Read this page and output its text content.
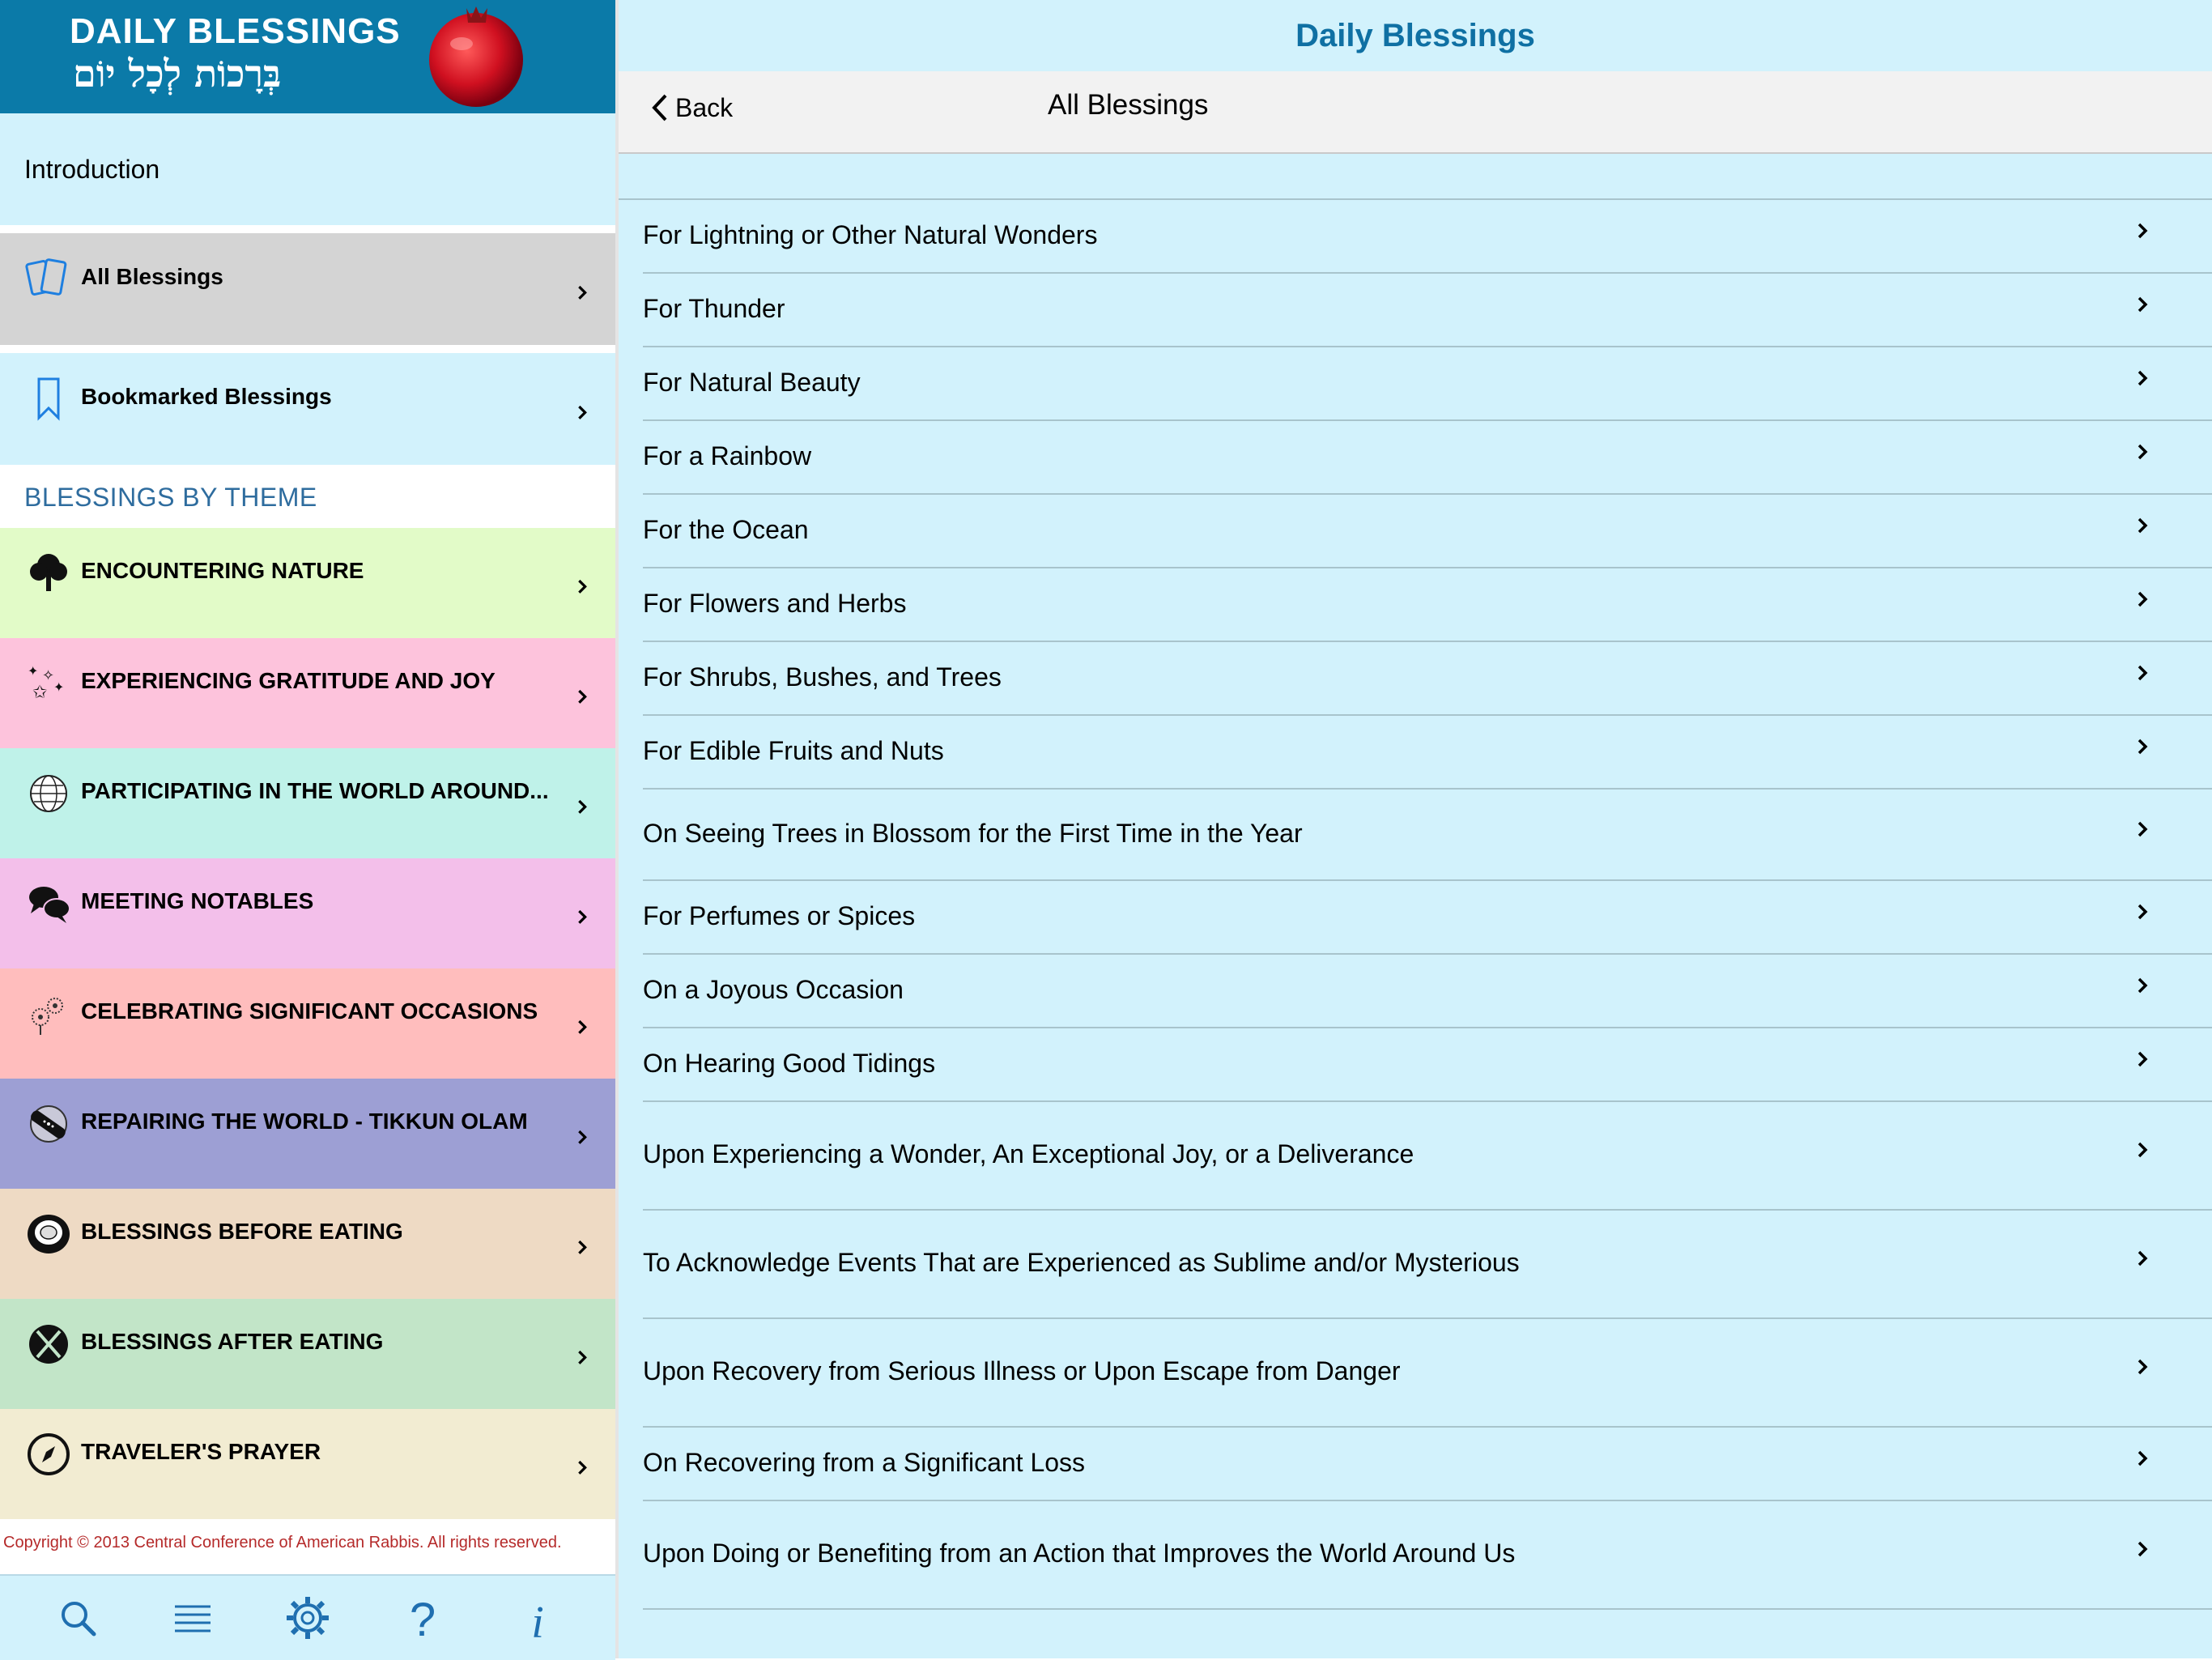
DAILY BLESSINGS
בְּרָכוֹת לְכָל יוֹם
Introduction
All Blessings
Bookmarked Blessings
BLESSINGS BY THEME
ENCOUNTERING NATURE
✦ ✧
✩ ✦ EXPERIENCING GRATITUDE AND JOY
PARTICIPATING IN THE WORLD AROUND...
MEETING NOTABLES
CELEBRATING SIGNIFICANT OCCASIONS
REPAIRING THE WORLD - TIKKUN OLAM
BLESSINGS BEFORE EATING
BLESSINGS AFTER EATING
TRAVELER'S PRAYER
Copyright © 2013 Central Conference of American Rabbis. All rights reserved.
? i
Daily Blessings
Back	All Blessings
For Lightning or Other Natural Wonders
For Thunder
For Natural Beauty
For a Rainbow
For the Ocean
For Flowers and Herbs
For Shrubs, Bushes, and Trees
For Edible Fruits and Nuts
On Seeing Trees in Blossom for the First Time in the Year
For Perfumes or Spices
On a Joyous Occasion
On Hearing Good Tidings
Upon Experiencing a Wonder, An Exceptional Joy, or a Deliverance
To Acknowledge Events That are Experienced as Sublime and/or Mysterious
Upon Recovery from Serious Illness or Upon Escape from Danger
On Recovering from a Significant Loss
Upon Doing or Benefiting from an Action that Improves the World Around Us
